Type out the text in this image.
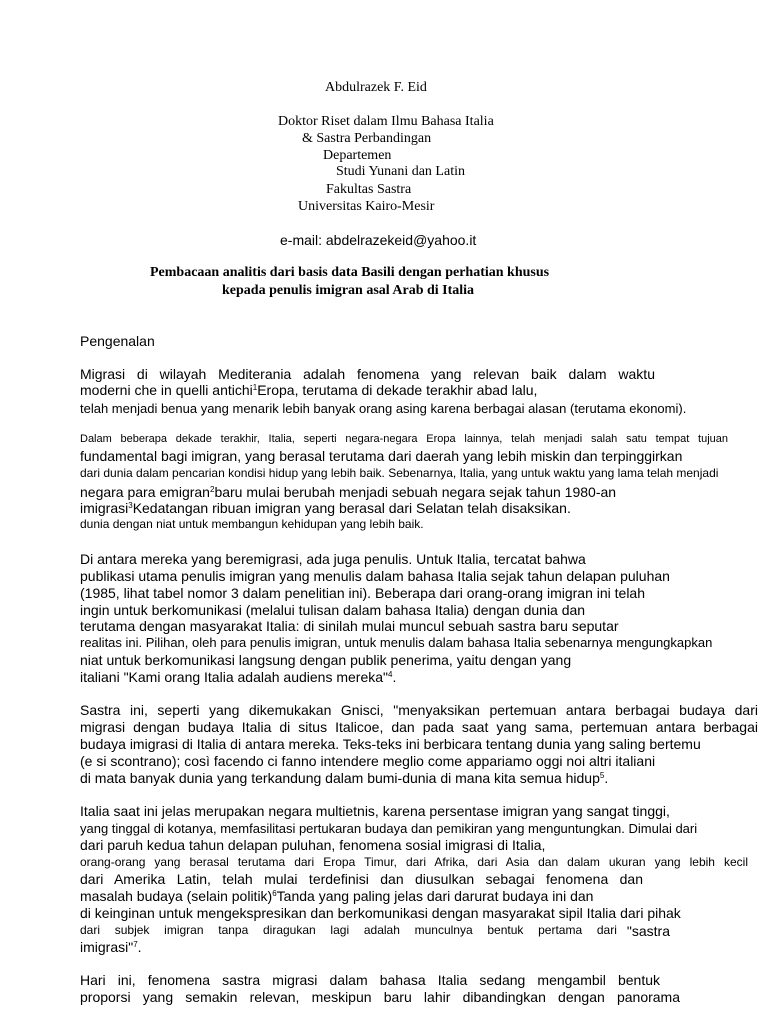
Abdulrazek F. Eid
Doktor Riset dalam Ilmu Bahasa Italia
& Sastra Perbandingan
Departemen
Studi Yunani dan Latin
Fakultas Sastra
Universitas Kairo-Mesir
e-mail: abdelrazekeid@yahoo.it
Pembacaan analitis dari basis data Basili dengan perhatian khusus
kepada penulis imigran asal Arab di Italia
Pengenalan
Migrasi di wilayah Mediterania adalah fenomena yang relevan baik dalam waktu
moderni che in quelli antichi$^1$Eropa, terutama di dekade terakhir abad lalu,
telah menjadi benua yang menarik lebih banyak orang asing karena berbagai alasan (terutama ekonomi).
Dalam beberapa dekade terakhir, Italia, seperti negara-negara Eropa lainnya, telah menjadi salah satu tempat tujuan
fundamental bagi imigran, yang berasal terutama dari daerah yang lebih miskin dan terpinggirkan
dari dunia dalam pencarian kondisi hidup yang lebih baik. Sebenarnya, Italia, yang untuk waktu yang lama telah menjadi
negara para emigran$^2$baru mulai berubah menjadi sebuah negara sejak tahun 1980-an
imigrasi$^3$Kedatangan ribuan imigran yang berasal dari Selatan telah disaksikan.
dunia dengan niat untuk membangun kehidupan yang lebih baik.
Di antara mereka yang beremigrasi, ada juga penulis. Untuk Italia, tercatat bahwa
publikasi utama penulis imigran yang menulis dalam bahasa Italia sejak tahun delapan puluhan
(1985, lihat tabel nomor 3 dalam penelitian ini). Beberapa dari orang-orang imigran ini telah
ingin untuk berkomunikasi (melalui tulisan dalam bahasa Italia) dengan dunia dan
terutama dengan masyarakat Italia: di sinilah mulai muncul sebuah sastra baru seputar
realitas ini. Pilihan, oleh para penulis imigran, untuk menulis dalam bahasa Italia sebenarnya mengungkapkan
niat untuk berkomunikasi langsung dengan publik penerima, yaitu dengan yang
italiani "Kami orang Italia adalah audiens mereka"$^4$.
Sastra ini, seperti yang dikemukakan Gnisci, "menyaksikan pertemuan antara berbagai budaya dari
migrasi dengan budaya Italia di situs Italicoe, dan pada saat yang sama, pertemuan antara berbagai
budaya imigrasi di Italia di antara mereka. Teks-teks ini berbicara tentang dunia yang saling bertemu
(e si scontrano); così facendo ci fanno intendere meglio come appariamo oggi noi altri italiani
di mata banyak dunia yang terkandung dalam bumi-dunia di mana kita semua hidup$^5$.
Italia saat ini jelas merupakan negara multietnis, karena persentase imigran yang sangat tinggi,
yang tinggal di kotanya, memfasilitasi pertukaran budaya dan pemikiran yang menguntungkan. Dimulai dari
dari paruh kedua tahun delapan puluhan, fenomena sosial imigrasi di Italia,
orang-orang yang berasal terutama dari Eropa Timur, dari Afrika, dari Asia dan dalam ukuran yang lebih kecil
dari Amerika Latin, telah mulai terdefinisi dan diusulkan sebagai fenomena dan
masalah budaya (selain politik)$^6$Tanda yang paling jelas dari darurat budaya ini dan
di keinginan untuk mengekspresikan dan berkomunikasi dengan masyarakat sipil Italia dari pihak
dari subjek imigran tanpa diragukan lagi adalah munculnya bentuk pertama dari "sastra
imigrasi"$^7$.
Hari ini, fenomena sastra migrasi dalam bahasa Italia sedang mengambil bentuk
proporsi yang semakin relevan, meskipun baru lahir dibandingkan dengan panorama
